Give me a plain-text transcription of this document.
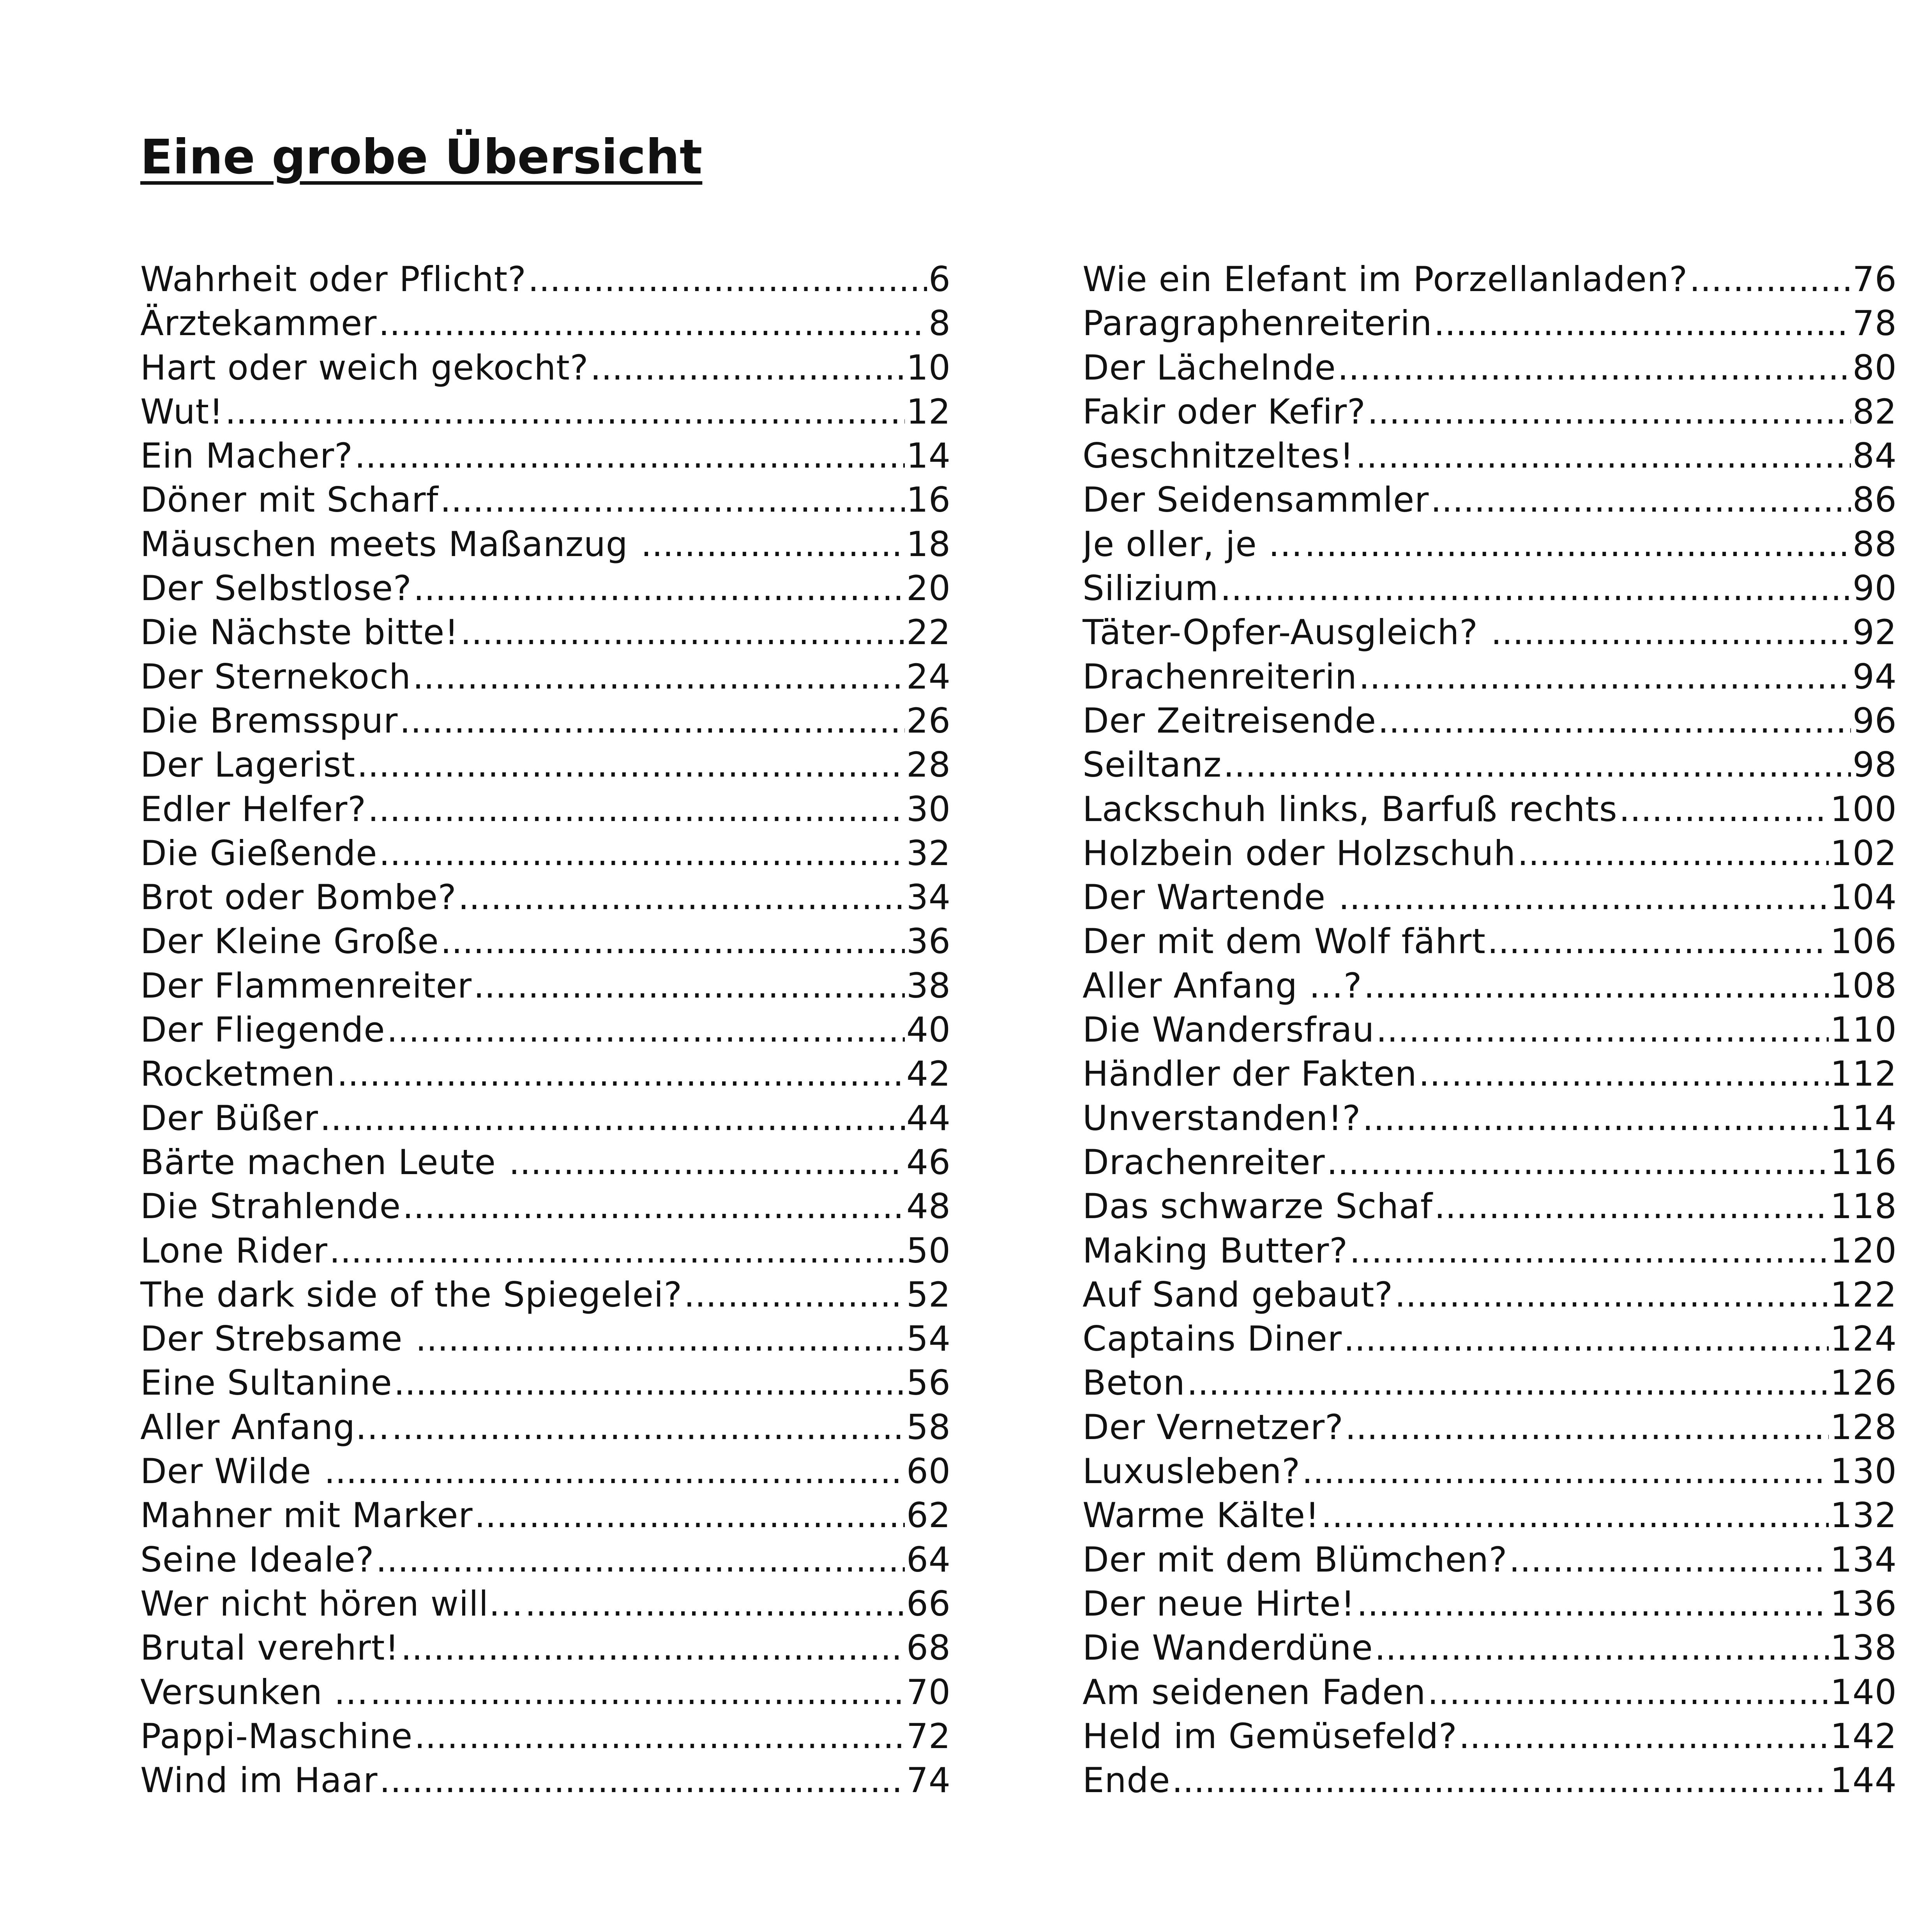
Eine grobe Übersicht
Wahrheit oder Pflicht? .....	6
Ärztekammer .....	8
Hart oder weich gekocht? .....	10
Wut! .....	12
Ein Macher? .....	14
Döner mit Scharf .....	16
Mäuschen meets Maßanzug .....	18
Der Selbstlose? .....	20
Die Nächste bitte! .....	22
Der Sternekoch .....	24
Die Bremsspur .....	26
Der Lagerist .....	28
Edler Helfer? .....	30
Die Gießende .....	32
Brot oder Bombe? .....	34
Der Kleine Große .....	36
Der Flammenreiter .....	38
Der Fliegende .....	40
Rocketmen .....	42
Der Büßer .....	44
Bärte machen Leute .....	46
Die Strahlende .....	48
Lone Rider .....	50
The dark side of the Spiegelei? .....	52
Der Strebsame .....	54
Eine Sultanine .....	56
Aller Anfang… .....	58
Der Wilde .....	60
Mahner mit Marker .....	62
Seine Ideale? .....	64
Wer nicht hören will… .....	66
Brutal verehrt! .....	68
Versunken … .....	70
Pappi-Maschine .....	72
Wind im Haar .....	74
Wie ein Elefant im Porzellanladen? .....	76
Paragraphenreiterin .....	78
Der Lächelnde .....	80
Fakir oder Kefir? .....	82
Geschnitzeltes! .....	84
Der Seidensammler .....	86
Je oller, je … .....	88
Silizium .....	90
Täter-Opfer-Ausgleich? .....	92
Drachenreiterin .....	94
Der Zeitreisende .....	96
Seiltanz .....	98
Lackschuh links, Barfuß rechts .....	100
Holzbein oder Holzschuh .....	102
Der Wartende .....	104
Der mit dem Wolf fährt .....	106
Aller Anfang …? .....	108
Die Wandersfrau .....	110
Händler der Fakten .....	112
Unverstanden!? .....	114
Drachenreiter .....	116
Das schwarze Schaf .....	118
Making Butter? .....	120
Auf Sand gebaut? .....	122
Captains Diner .....	124
Beton .....	126
Der Vernetzer? .....	128
Luxusleben? .....	130
Warme Kälte! .....	132
Der mit dem Blümchen? .....	134
Der neue Hirte! .....	136
Die Wanderdüne .....	138
Am seidenen Faden .....	140
Held im Gemüsefeld? .....	142
Ende .....	144
